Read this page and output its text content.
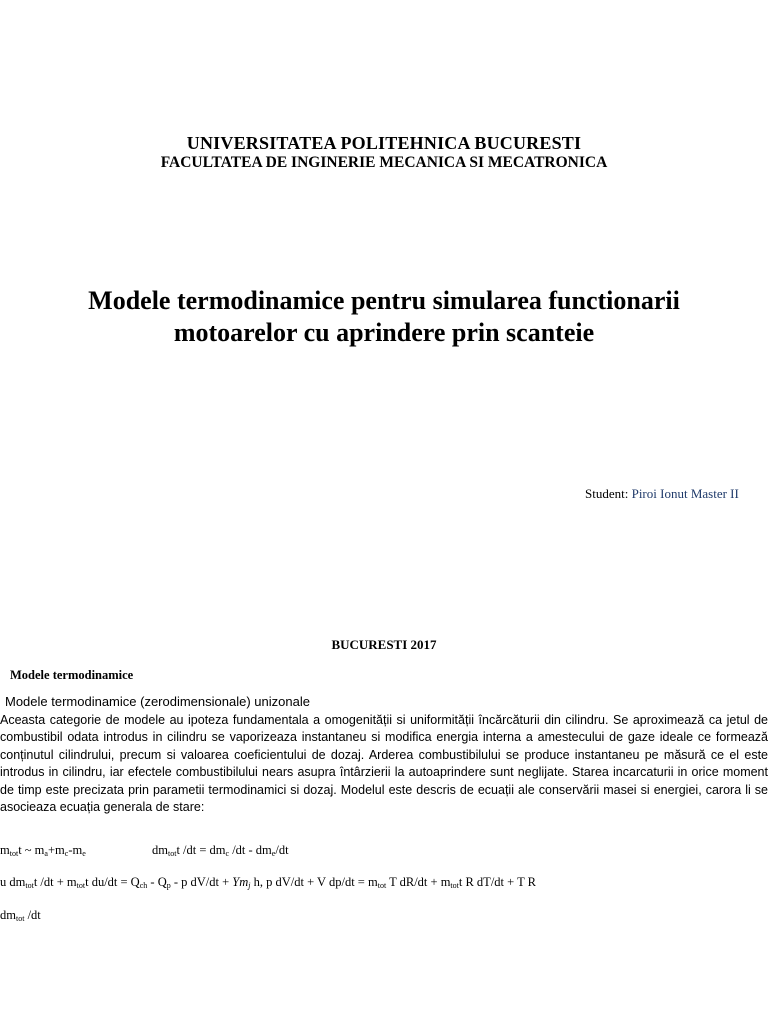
UNIVERSITATEA POLITEHNICA BUCURESTI
FACULTATEA DE INGINERIE MECANICA SI MECATRONICA
Modele termodinamice pentru simularea functionarii
motoarelor cu aprindere prin scanteie
Student: Piroi Ionut Master II
BUCURESTI 2017
Modele termodinamice
Modele termodinamice (zerodimensionale) unizonale
Aceasta categorie de modele au ipoteza fundamentala a omogenității si uniformității încărcăturii din cilindru. Se aproximează ca jetul de combustibil odata introdus in cilindru se vaporizeaza instantaneu si modifica energia interna a amestecului de gaze ideale ce formează conținutul cilindrului, precum si valoarea coeficientului de dozaj. Arderea combustibilului se produce instantaneu pe măsură ce el este introdus in cilindru, iar efectele combustibilului nears asupra întârzierii la autoaprindere sunt neglijate. Starea incarcaturii in orice moment de timp este precizata prin parametii termodinamici si dozaj. Modelul este descris de ecuații ale conservării masei si energiei, carora li se asocieaza ecuația generala de stare:
$m_{tot}t$ ~ $m_a+m_c-m_e$	$dm_{tot}t$ $/dt = dm_c$ $/dt - dm_e/dt$
u $dm_{tot}t$ $/dt + m_{tot}t$ $du/dt = Q_{ch} - Q_p - p$ $dV/dt + Ym_j$ h, p dV/dt + V $dp/dt = m_{tot}$ T $dR/dt + m_{tot}t$ R dT/dt + T R
$dm_{tot}$ /dt
